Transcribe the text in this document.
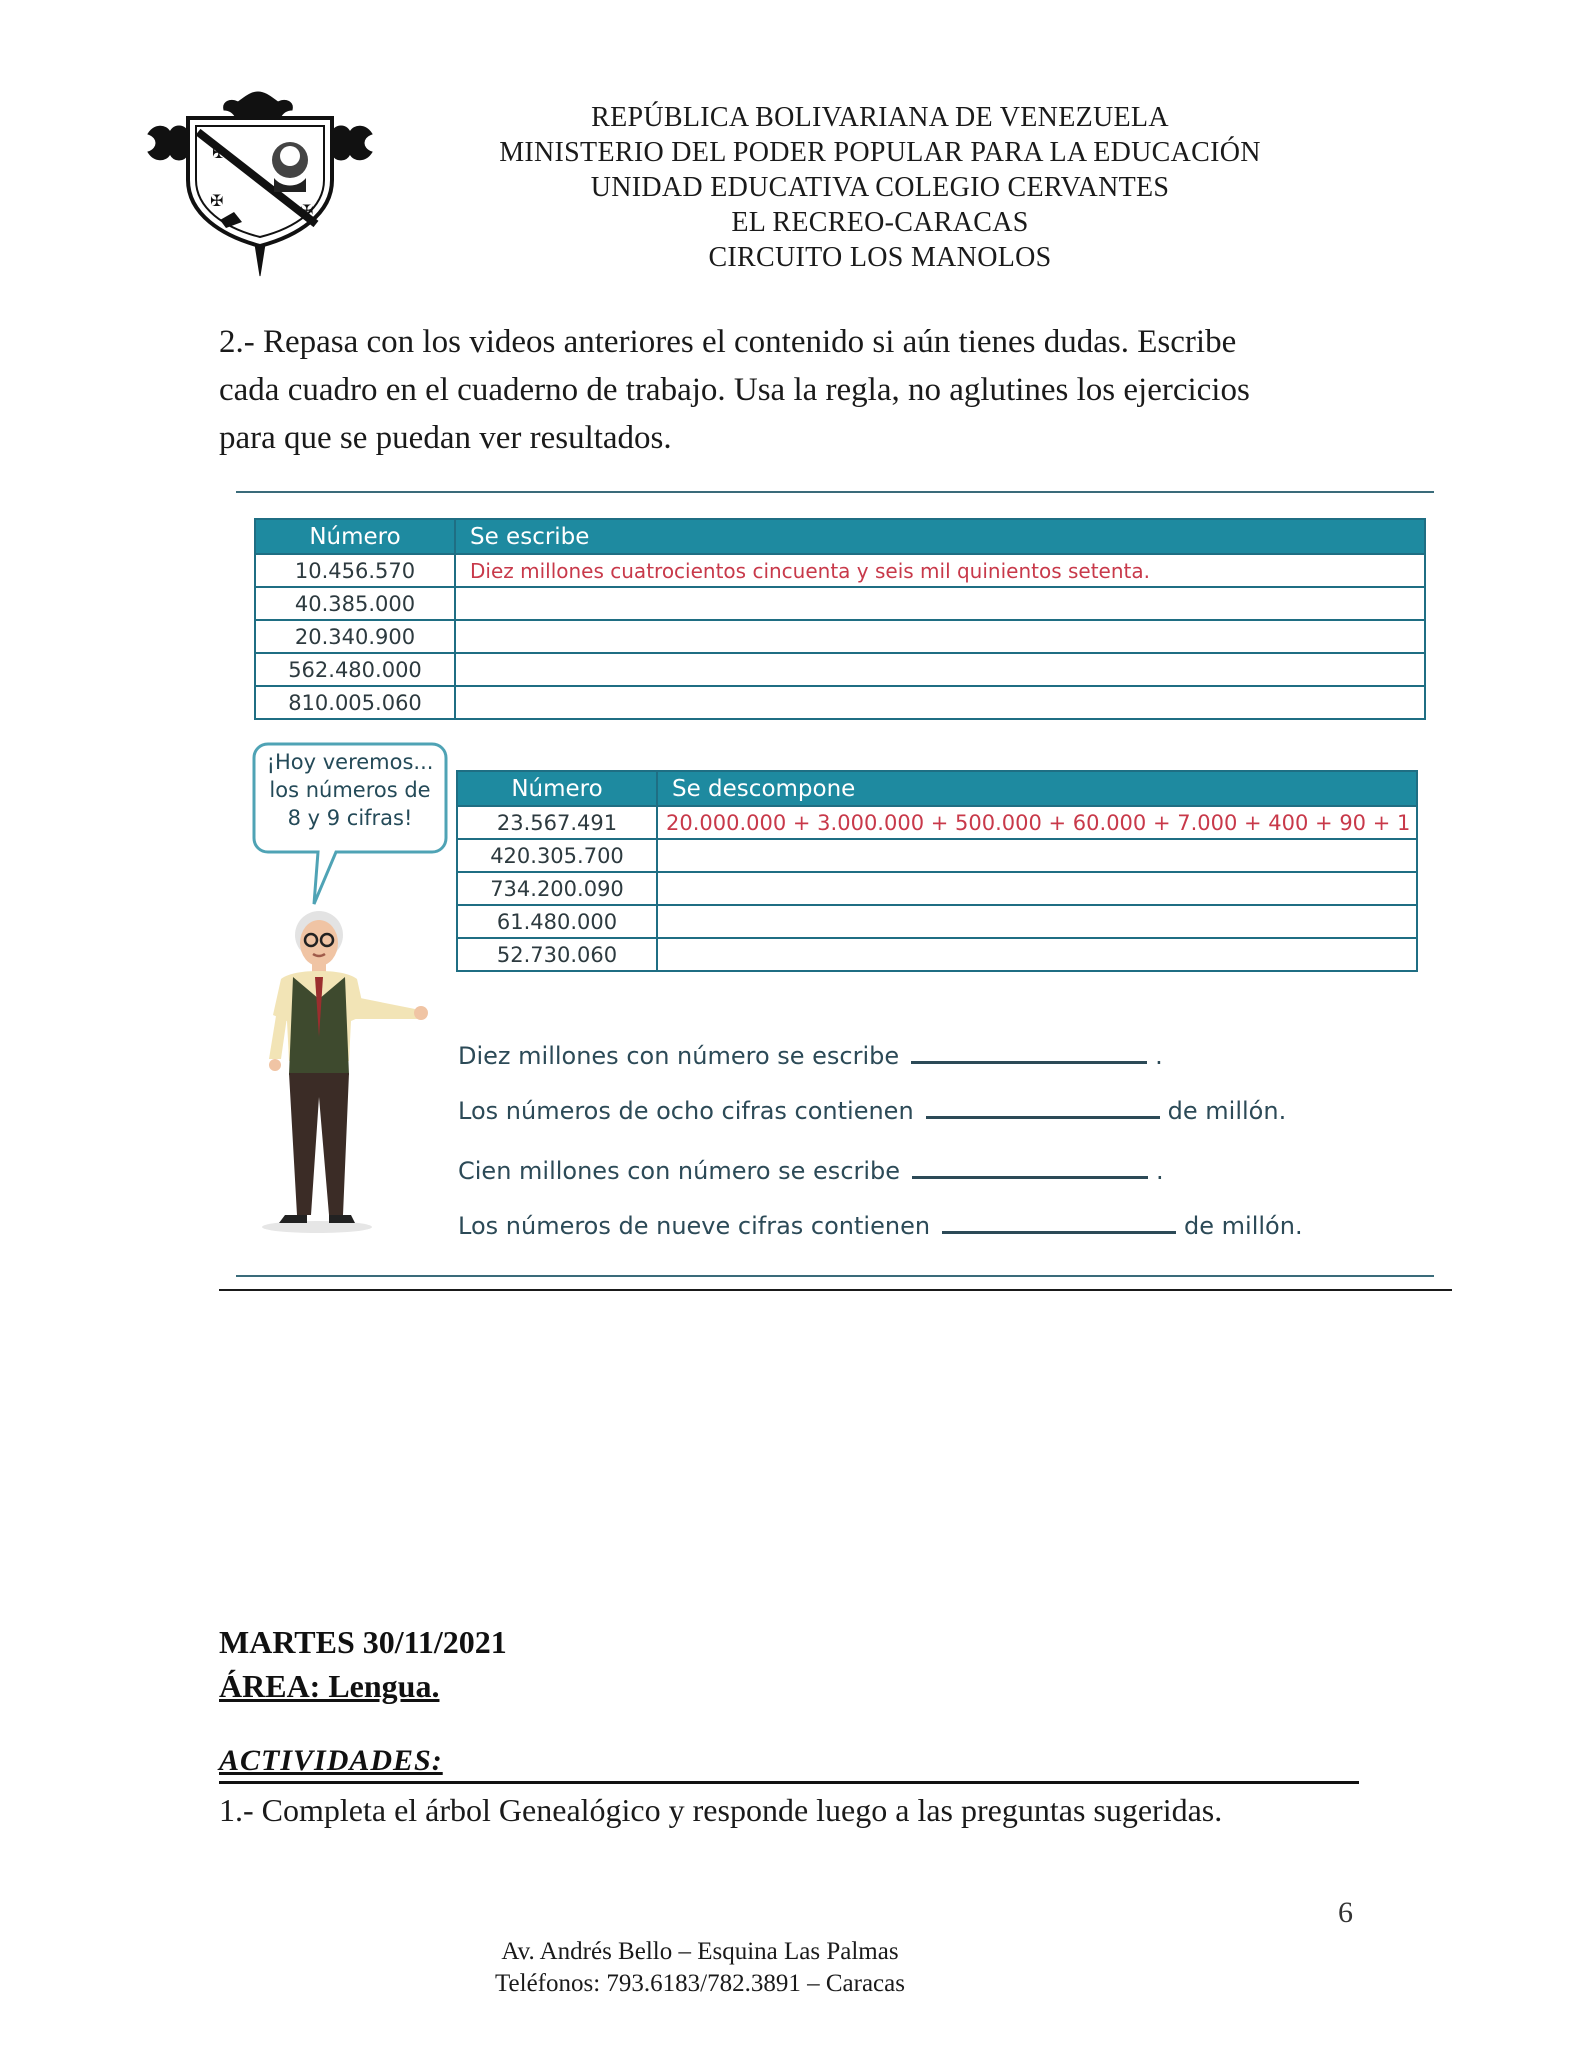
✠
✠
✠
REPÚBLICA BOLIVARIANA DE VENEZUELA
MINISTERIO DEL PODER POPULAR PARA LA EDUCACIÓN
UNIDAD EDUCATIVA COLEGIO CERVANTES
EL RECREO-CARACAS
CIRCUITO LOS MANOLOS
2.- Repasa con los videos anteriores el contenido si aún tienes dudas. Escribe
cada cuadro en el cuaderno de trabajo. Usa la regla, no aglutines los ejercicios
para que se puedan ver resultados.
Número	Se escribe
10.456.570	Diez millones cuatrocientos cincuenta y seis mil quinientos setenta.
40.385.000	
20.340.900	
562.480.000	
810.005.060	
¡Hoy veremos...
los números de
8 y 9 cifras!
Número	Se descompone
23.567.491	20.000.000 + 3.000.000 + 500.000 + 60.000 + 7.000 + 400 + 90 + 1
420.305.700	
734.200.090	
61.480.000	
52.730.060	
Diez millones con número se escribe	.
Los números de ocho cifras contienen	de millón.
Cien millones con número se escribe	.
Los números de nueve cifras contienen	de millón.
MARTES 30/11/2021
ÁREA: Lengua.
ACTIVIDADES:
1.- Completa el árbol Genealógico y responde luego a las preguntas sugeridas.
6
Av. Andrés Bello – Esquina Las Palmas
Teléfonos: 793.6183/782.3891 – Caracas
